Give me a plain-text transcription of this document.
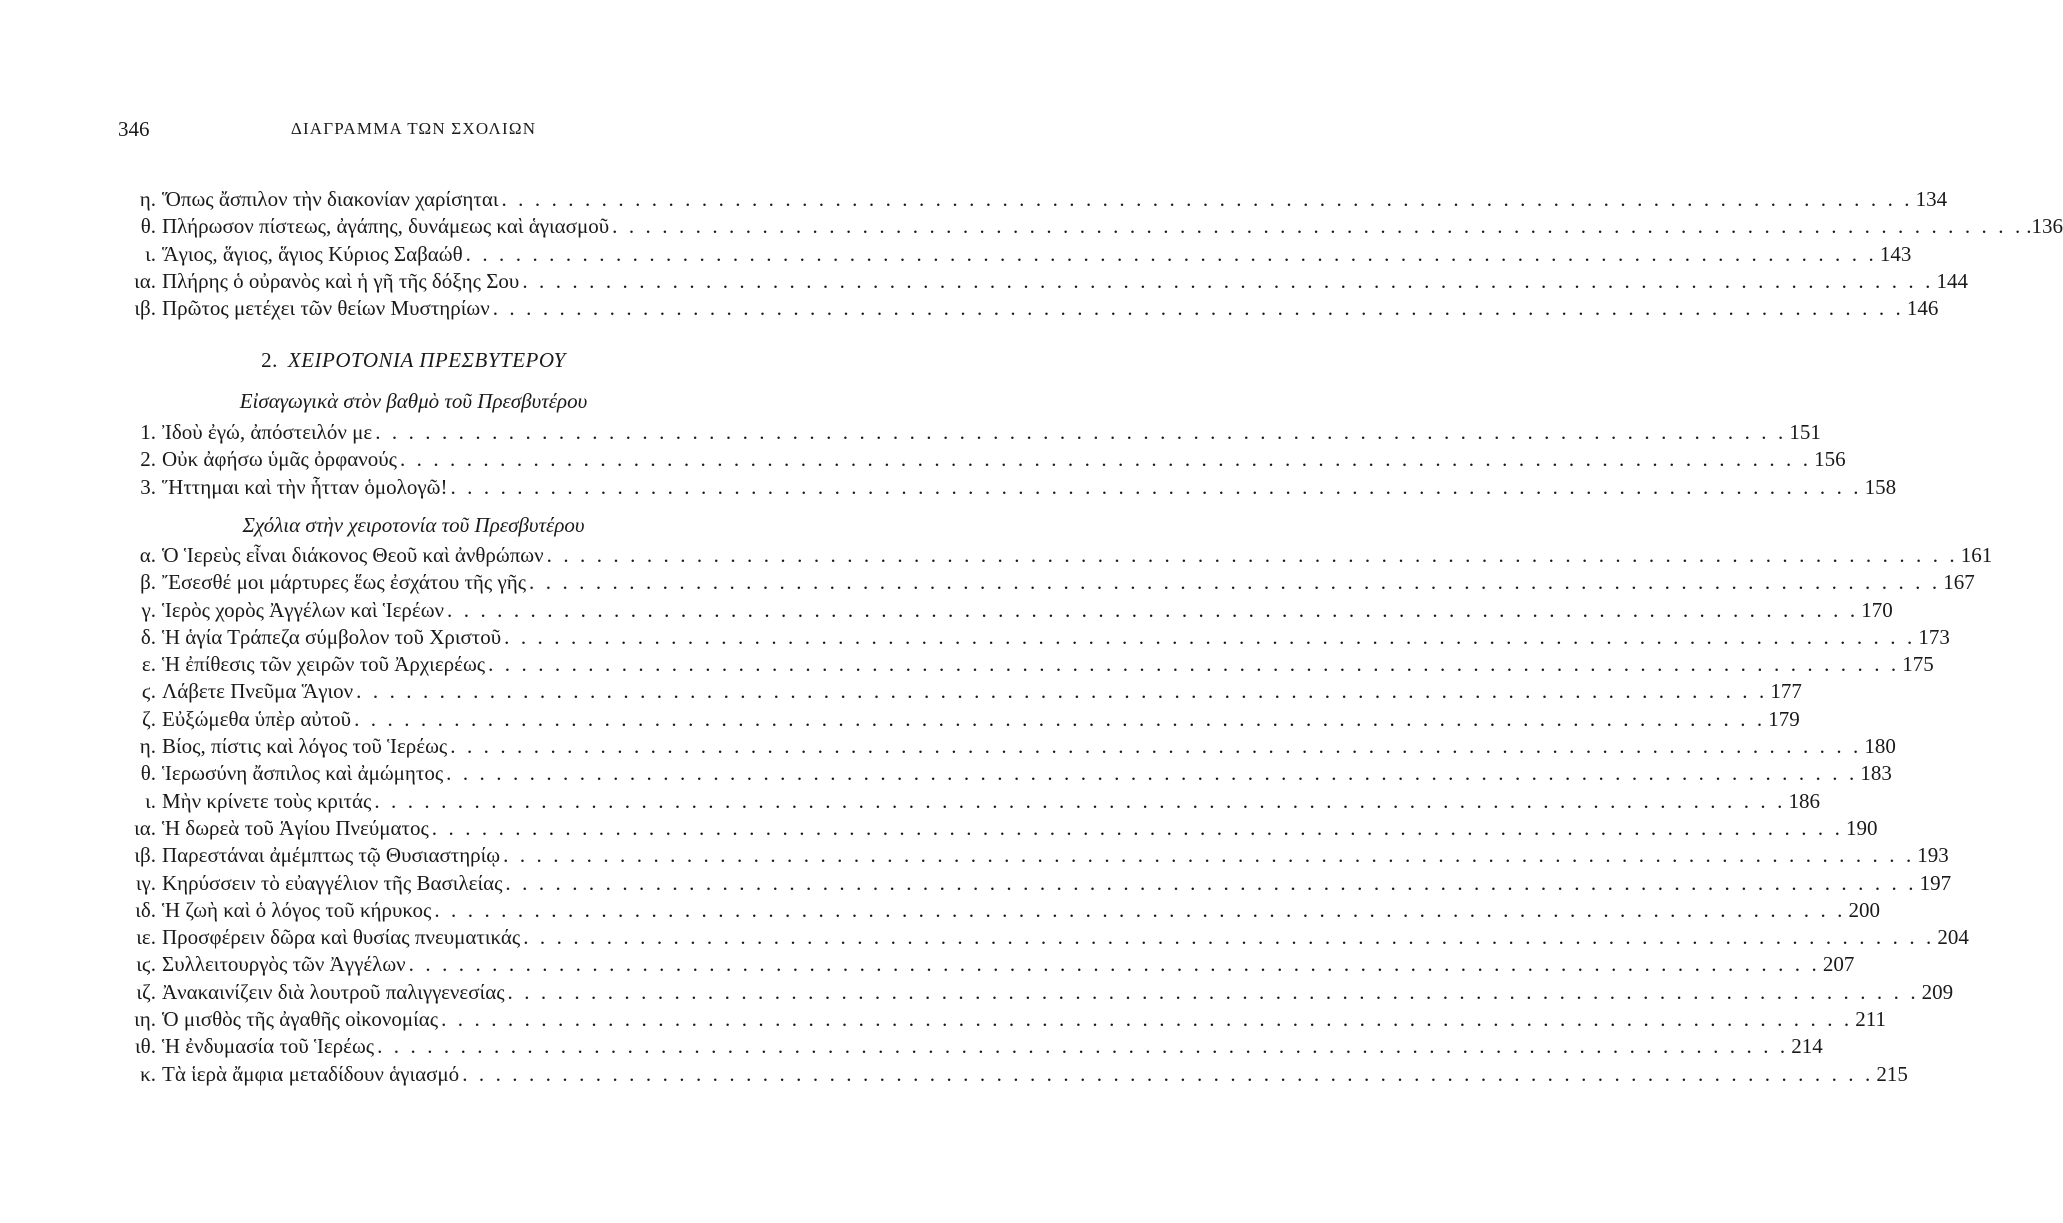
346	ΔΙΑΓΡΑΜΜΑ ΤΩΝ ΣΧΟΛΙΩΝ
η. Ὅπως ἄσπιλον τὴν διακονίαν χαρίσηται . . .	134
θ. Πλήρωσον πίστεως, ἀγάπης, δυνάμεως καὶ ἁγιασμοῦ . . .	.136
ι. Ἅγιος, ἅγιος, ἅγιος Κύριος Σαβαώθ . . .	143
ια. Πλήρης ὁ οὐρανὸς καὶ ἡ γῆ τῆς δόξης Σου . . .	144
ιβ. Πρῶτος μετέχει τῶν θείων Μυστηρίων . . .	146
2. ΧΕΙΡΟΤΟΝΙΑ ΠΡΕΣΒΥΤΕΡΟΥ
Εἰσαγωγικὰ στὸν βαθμὸ τοῦ Πρεσβυτέρου
1. Ἰδοὺ ἐγώ, ἀπόστειλόν με . . .	151
2. Οὐκ ἀφήσω ὑμᾶς ὀρφανούς . . .	156
3. Ἥττημαι καὶ τὴν ἧτταν ὁμολογῶ! . . .	158
Σχόλια στὴν χειροτονία τοῦ Πρεσβυτέρου
α. Ὁ Ἱερεὺς εἶναι διάκονος Θεοῦ καὶ ἀνθρώπων . . .	161
β. Ἔσεσθέ μοι μάρτυρες ἕως ἐσχάτου τῆς γῆς . . .	167
γ. Ἱερὸς χορὸς Ἀγγέλων καὶ Ἱερέων . . .	170
δ. Ἡ ἁγία Τράπεζα σύμβολον τοῦ Χριστοῦ . . .	173
ε. Ἡ ἐπίθεσις τῶν χειρῶν τοῦ Ἀρχιερέως . . .	175
ϛ. Λάβετε Πνεῦμα Ἅγιον . . .	177
ζ. Εὐξώμεθα ὑπὲρ αὐτοῦ . . .	179
η. Βίος, πίστις καὶ λόγος τοῦ Ἱερέως . . .	180
θ. Ἱερωσύνη ἄσπιλος καὶ ἀμώμητος . . .	183
ι. Μὴν κρίνετε τοὺς κριτάς . . .	186
ια. Ἡ δωρεὰ τοῦ Ἁγίου Πνεύματος . . .	190
ιβ. Παρεστάναι ἀμέμπτως τῷ Θυσιαστηρίῳ . . .	193
ιγ. Κηρύσσειν τὸ εὐαγγέλιον τῆς Βασιλείας . . .	197
ιδ. Ἡ ζωὴ καὶ ὁ λόγος τοῦ κήρυκος . . .	200
ιε. Προσφέρειν δῶρα καὶ θυσίας πνευματικάς . . .	204
ιϛ. Συλλειτουργὸς τῶν Ἀγγέλων . . .	207
ιζ. Ἀνακαινίζειν διὰ λουτροῦ παλιγγενεσίας . . .	209
ιη. Ὁ μισθὸς τῆς ἀγαθῆς οἰκονομίας . . .	211
ιθ. Ἡ ἐνδυμασία τοῦ Ἱερέως . . .	214
κ. Τὰ ἱερὰ ἄμφια μεταδίδουν ἁγιασμό . . .	215
